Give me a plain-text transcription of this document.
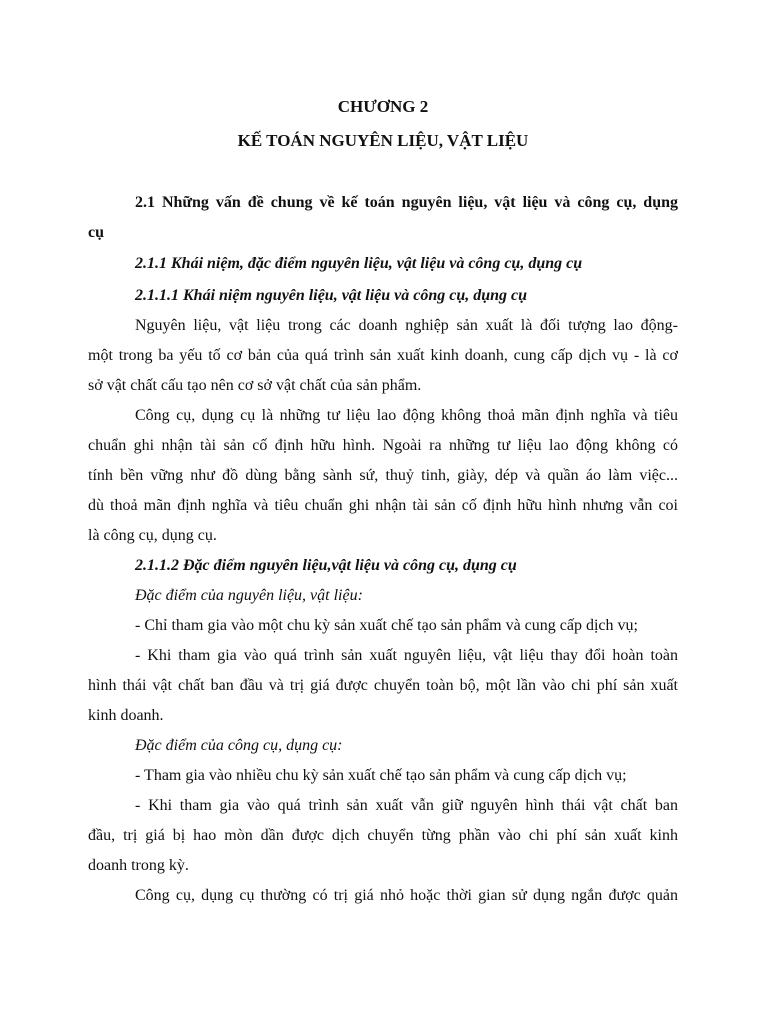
CHƯƠNG 2
KẾ TOÁN NGUYÊN LIỆU, VẬT LIỆU
2.1 Những vấn đề chung về kế toán nguyên liệu, vật liệu và công cụ, dụng
cụ
2.1.1 Khái niệm, đặc điểm nguyên liệu, vật liệu và công cụ, dụng cụ
2.1.1.1 Khái niệm nguyên liệu, vật liệu và công cụ, dụng cụ
Nguyên liệu, vật liệu trong các doanh nghiệp sản xuất là đối tượng lao động-
một trong ba yếu tố cơ bản của quá trình sản xuất kinh doanh, cung cấp dịch vụ - là cơ
sở vật chất cấu tạo nên cơ sở vật chất của sản phẩm.
Công cụ, dụng cụ là những tư liệu lao động không thoả mãn định nghĩa và tiêu
chuẩn ghi nhận tài sản cố định hữu hình. Ngoài ra những tư liệu lao động không có
tính bền vững như đồ dùng bằng sành sứ, thuỷ tinh, giày, dép và quần áo làm việc...
dù thoả mãn định nghĩa và tiêu chuẩn ghi nhận tài sản cố định hữu hình nhưng vẫn coi
là công cụ, dụng cụ.
2.1.1.2 Đặc điểm nguyên liệu,vật liệu và công cụ, dụng cụ
Đặc điểm của nguyên liệu, vật liệu:
- Chỉ tham gia vào một chu kỳ sản xuất chế tạo sản phẩm và cung cấp dịch vụ;
- Khi tham gia vào quá trình sản xuất nguyên liệu, vật liệu thay đổi hoàn toàn
hình thái vật chất ban đầu và trị giá được chuyển toàn bộ, một lần vào chi phí sản xuất
kinh doanh.
Đặc điểm của công cụ, dụng cụ:
- Tham gia vào nhiều chu kỳ sản xuất chế tạo sản phẩm và cung cấp dịch vụ;
- Khi tham gia vào quá trình sản xuất vẫn giữ nguyên hình thái vật chất ban
đầu, trị giá bị hao mòn dần được dịch chuyển từng phần vào chi phí sản xuất kinh
doanh trong kỳ.
Công cụ, dụng cụ thường có trị giá nhỏ hoặc thời gian sử dụng ngắn được quản
